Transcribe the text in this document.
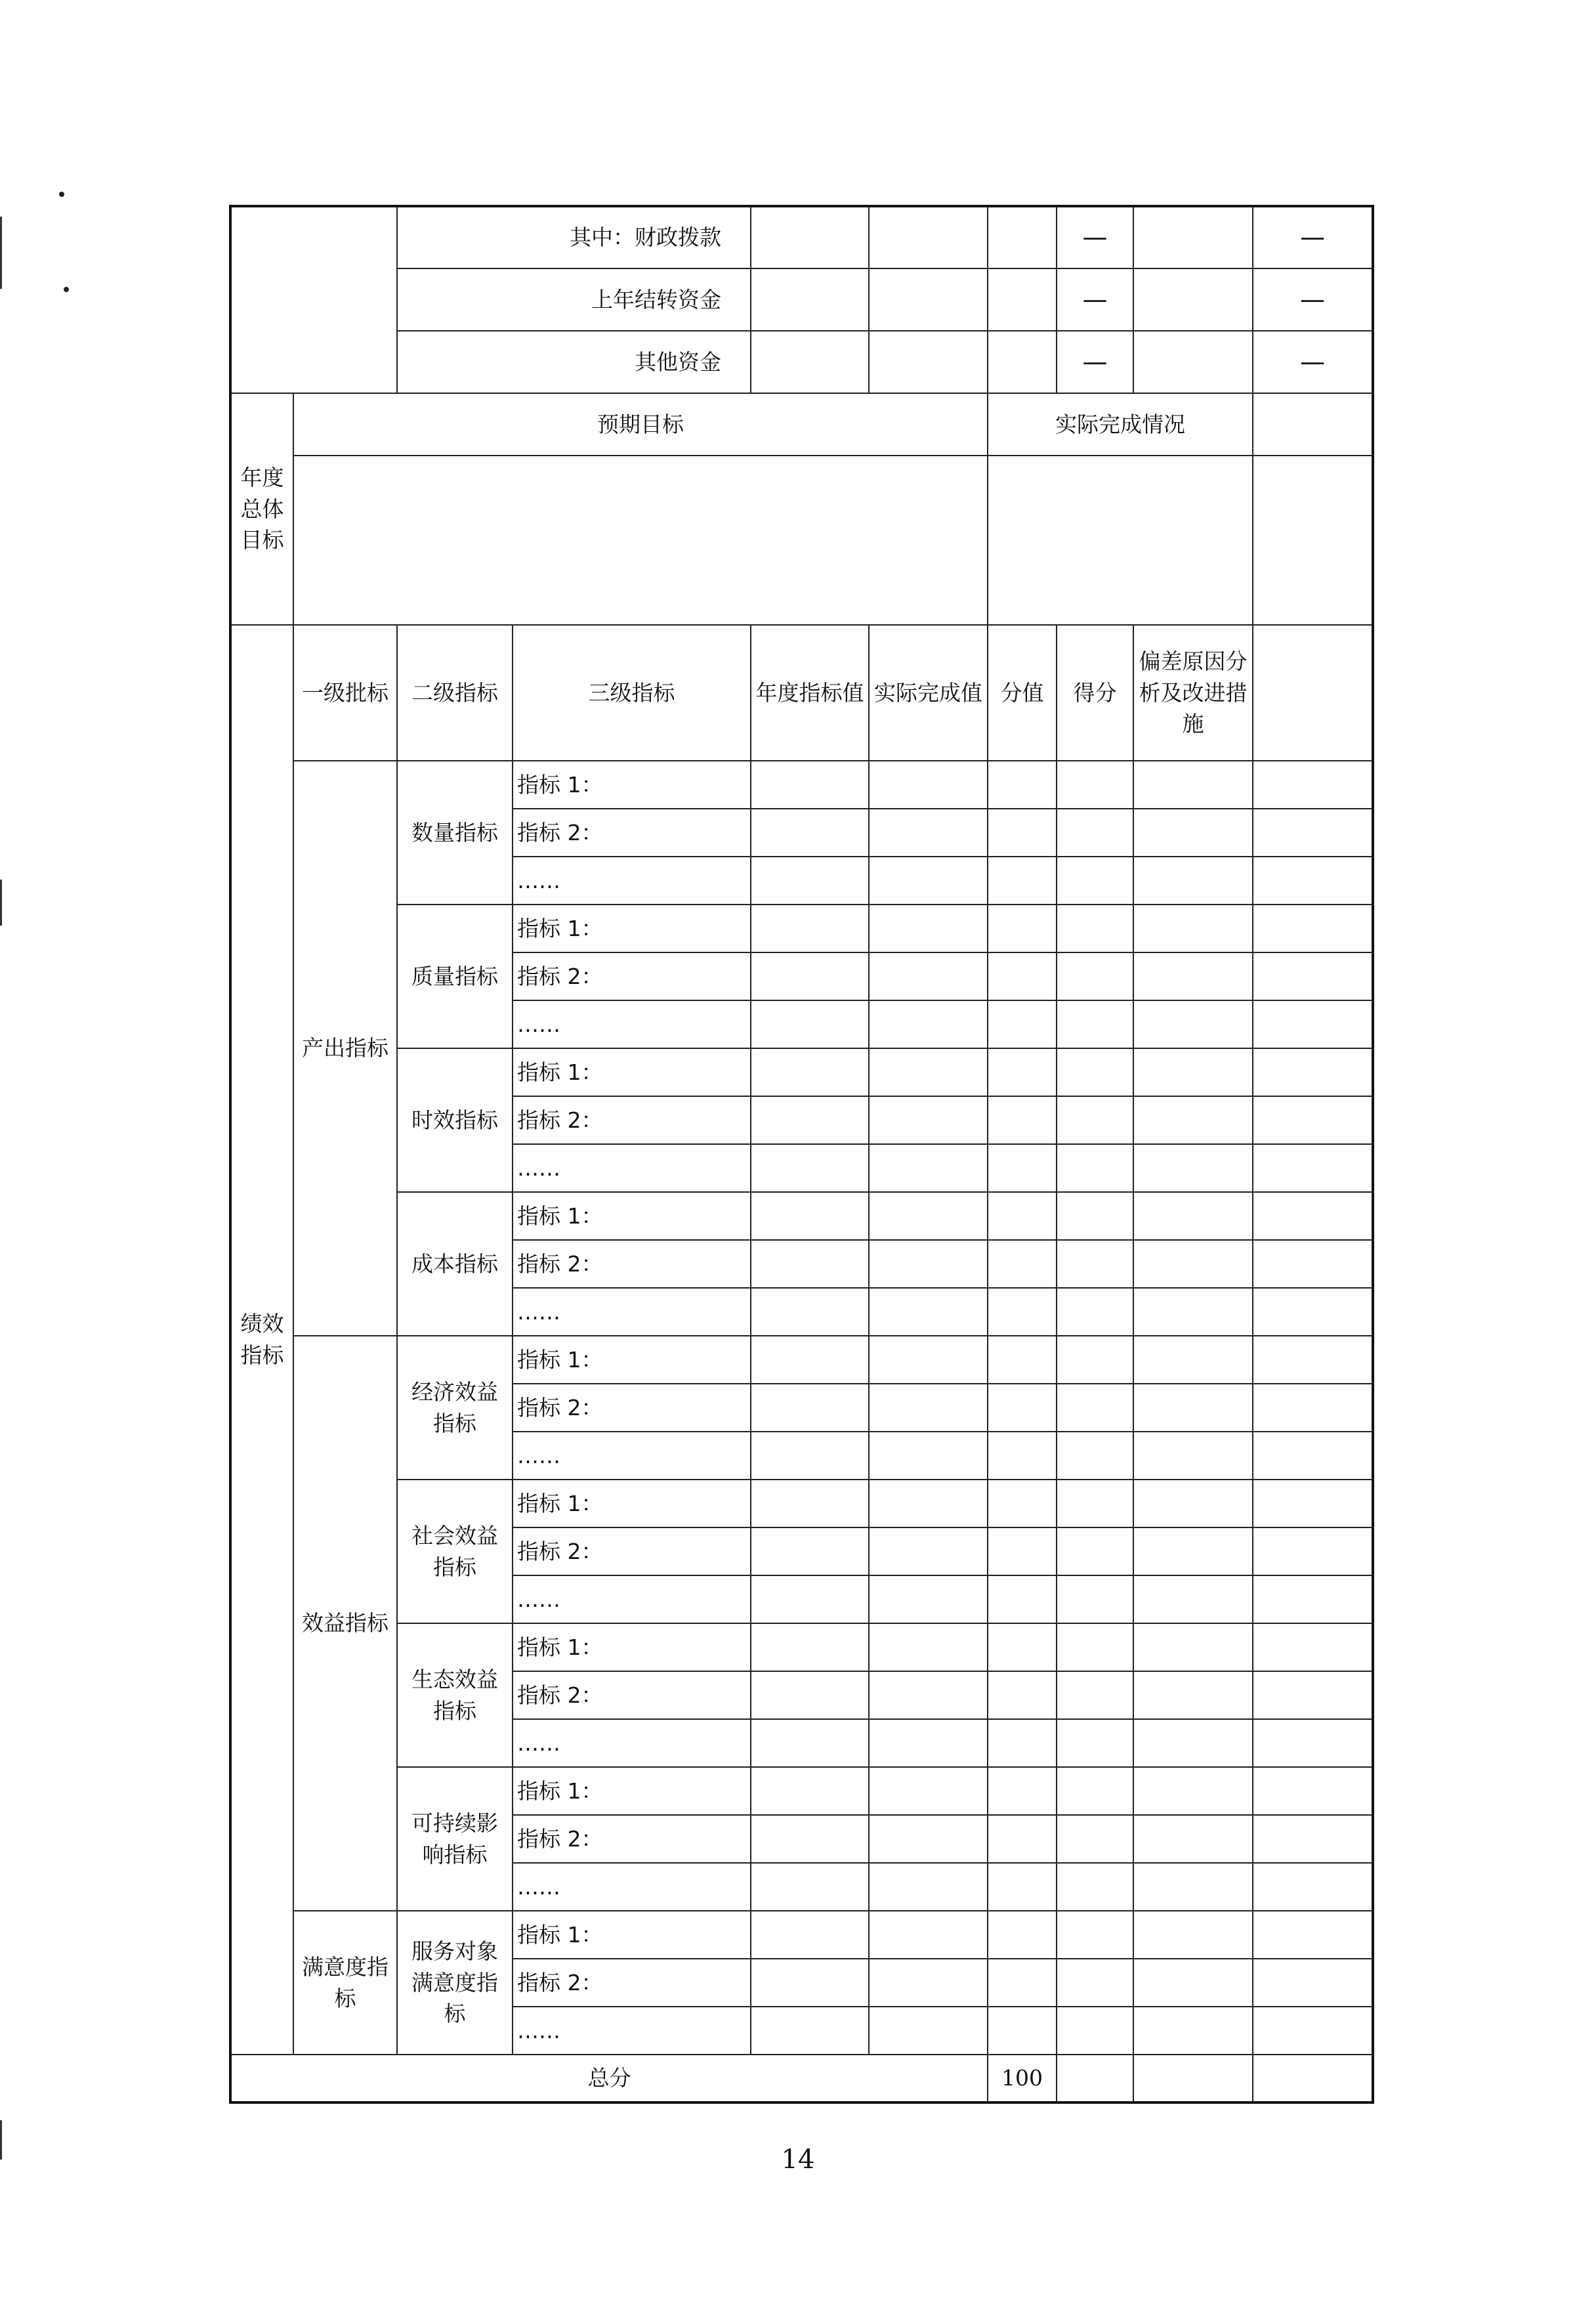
		其中：财政拨款					—		—
		上年结转资金					—		—
		其他资金					—		—
年度总体目标	预期目标					实际完成情况			

绩效指标	一级批标	二级指标	三级指标	年度指标值	实际完成值	分值	得分	偏差原因分析及改进措施	
	产出指标	数量指标	指标 1：						
			指标 2：						
			……						
		质量指标	指标 1：						
			指标 2：						
			……						
		时效指标	指标 1：						
			指标 2：						
			……						
		成本指标	指标 1：						
			指标 2：						
			……						
	效益指标	经济效益指标	指标 1：						
			指标 2：						
			……						
		社会效益指标	指标 1：						
			指标 2：						
			……						
		生态效益指标	指标 1：						
			指标 2：						
			……						
		可持续影响指标	指标 1：						
			指标 2：						
			……						
	满意度指标	服务对象满意度指标	指标 1：						
			指标 2：						
			……						
总分						100			
14
